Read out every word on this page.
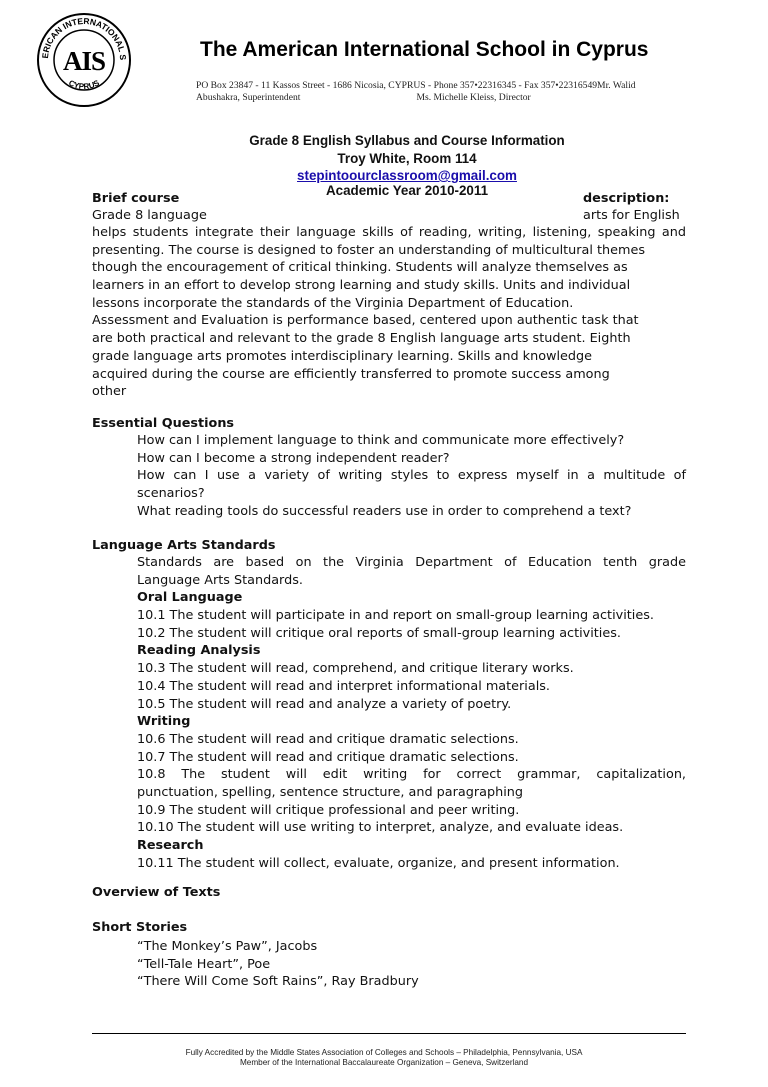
ERICAN INTERNATIONAL S
CYPRUS
AIS	The American International School in Cyprus
PO Box 23847 - 11 Kassos Street - 1686 Nicosia, CYPRUS - Phone 357•22316345 - Fax 357•22316549Mr. Walid
Abushakra, Superintendent	Ms. Michelle Kleiss, Director
Grade 8 English Syllabus and Course Information
Troy White, Room 114
stepintoourclassroom@gmail.com
Academic Year 2010-2011
Brief course	description:
Grade 8 language	arts for English
helps students integrate their language skills of reading, writing, listening, speaking and
presenting. The course is designed to foster an understanding of multicultural themes
though the encouragement of critical thinking. Students will analyze themselves as
learners in an effort to develop strong learning and study skills. Units and individual
lessons incorporate the standards of the Virginia Department of Education.
Assessment and Evaluation is performance based, centered upon authentic task that
are both practical and relevant to the grade 8 English language arts student. Eighth
grade language arts promotes interdisciplinary learning. Skills and knowledge
acquired during the course are efficiently transferred to promote success among
other
Essential Questions
How can I implement language to think and communicate more effectively?
How can I become a strong independent reader?
How can I use a variety of writing styles to express myself in a multitude of
scenarios?
What reading tools do successful readers use in order to comprehend a text?
Language Arts Standards
Standards are based on the Virginia Department of Education tenth grade
Language Arts Standards.
Oral Language
10.1 The student will participate in and report on small-group learning activities.
10.2 The student will critique oral reports of small-group learning activities.
Reading Analysis
10.3 The student will read, comprehend, and critique literary works.
10.4 The student will read and interpret informational materials.
10.5 The student will read and analyze a variety of poetry.
Writing
10.6 The student will read and critique dramatic selections.
10.7 The student will read and critique dramatic selections.
10.8 The student will edit writing for correct grammar, capitalization,
punctuation, spelling, sentence structure, and paragraphing
10.9 The student will critique professional and peer writing.
10.10 The student will use writing to interpret, analyze, and evaluate ideas.
Research
10.11 The student will collect, evaluate, organize, and present information.
Overview of Texts
Short Stories
“The Monkey’s Paw”, Jacobs
“Tell-Tale Heart”, Poe
“There Will Come Soft Rains”, Ray Bradbury
Fully Accredited by the Middle States Association of Colleges and Schools – Philadelphia, Pennsylvania, USA
Member of the International Baccalaureate Organization – Geneva, Switzerland
